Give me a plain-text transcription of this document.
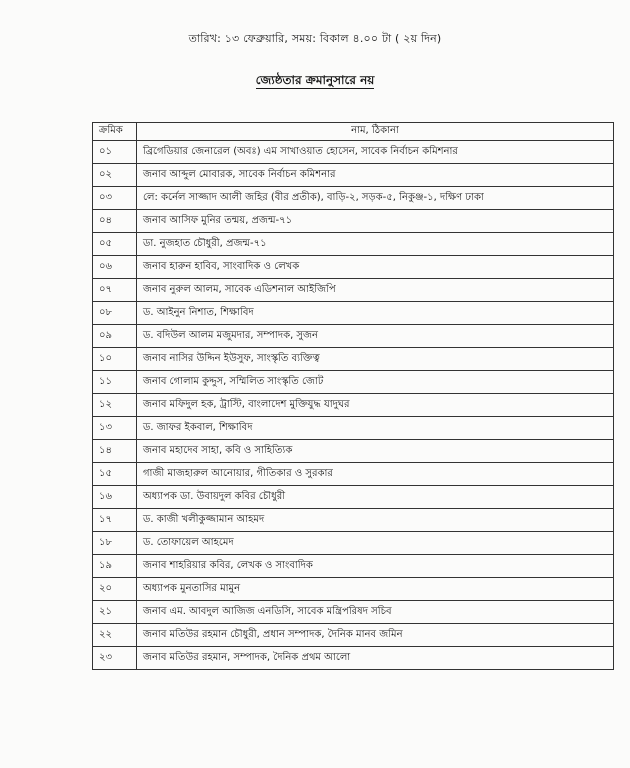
তারিখ: ১৩ ফেব্রুয়ারি, সময়: বিকাল ৪.০০ টা ( ২য় দিন)
জ্যেষ্ঠতার ক্রমানুসারে নয়
ক্রমিক	নাম, ঠিকানা
০১	ব্রিগেডিয়ার জেনারেল (অবঃ) এম সাখাওয়াত হোসেন, সাবেক নির্বাচন কমিশনার
০২	জনাব আব্দুল মোবারক, সাবেক নির্বাচন কমিশনার
০৩	লে: কর্নেল সাজ্জাদ আলী জহির (বীর প্রতীক), বাড়ি-২, সড়ক-৫, নিকুঞ্জ-১, দক্ষিণ ঢাকা
০৪	জনাব আসিফ মুনির তন্ময়, প্রজন্ম-৭১
০৫	ডা. নুজহাত চৌধুরী, প্রজন্ম-৭১
০৬	জনাব হারুন হাবিব, সাংবাদিক ও লেখক
০৭	জনাব নুরুল আলম, সাবেক এডিশনাল আইজিপি
০৮	ড. আইনুন নিশাত, শিক্ষাবিদ
০৯	ড. বদিউল আলম মজুমদার, সম্পাদক, সুজন
১০	জনাব নাসির উদ্দিন ইউসুফ, সাংস্কৃতি ব্যক্তিত্ব
১১	জনাব গোলাম কুদ্দুস, সম্মিলিত সাংস্কৃতি জোট
১২	জনাব মফিদুল হক, ট্রাস্টি, বাংলাদেশ মুক্তিযুদ্ধ যাদুঘর
১৩	ড. জাফর ইকবাল, শিক্ষাবিদ
১৪	জনাব মহাদেব সাহা, কবি ও সাহিত্যিক
১৫	গাজী মাজহারুল আনোয়ার, গীতিকার ও সুরকার
১৬	অধ্যাপক ডা. উবায়দুল কবির চৌধুরী
১৭	ড. কাজী খলীকুজ্জামান আহমদ
১৮	ড. তোফায়েল আহমেদ
১৯	জনাব শাহরিয়ার কবির, লেখক ও সাংবাদিক
২০	অধ্যাপক মুনতাসির মামুন
২১	জনাব এম. আবদুল আজিজ এনডিসি, সাবেক মন্ত্রিপরিষদ সচিব
২২	জনাব মতিউর রহমান চৌধুরী, প্রধান সম্পাদক, দৈনিক মানব জমিন
২৩	জনাব মতিউর রহমান, সম্পাদক, দৈনিক প্রথম আলো
